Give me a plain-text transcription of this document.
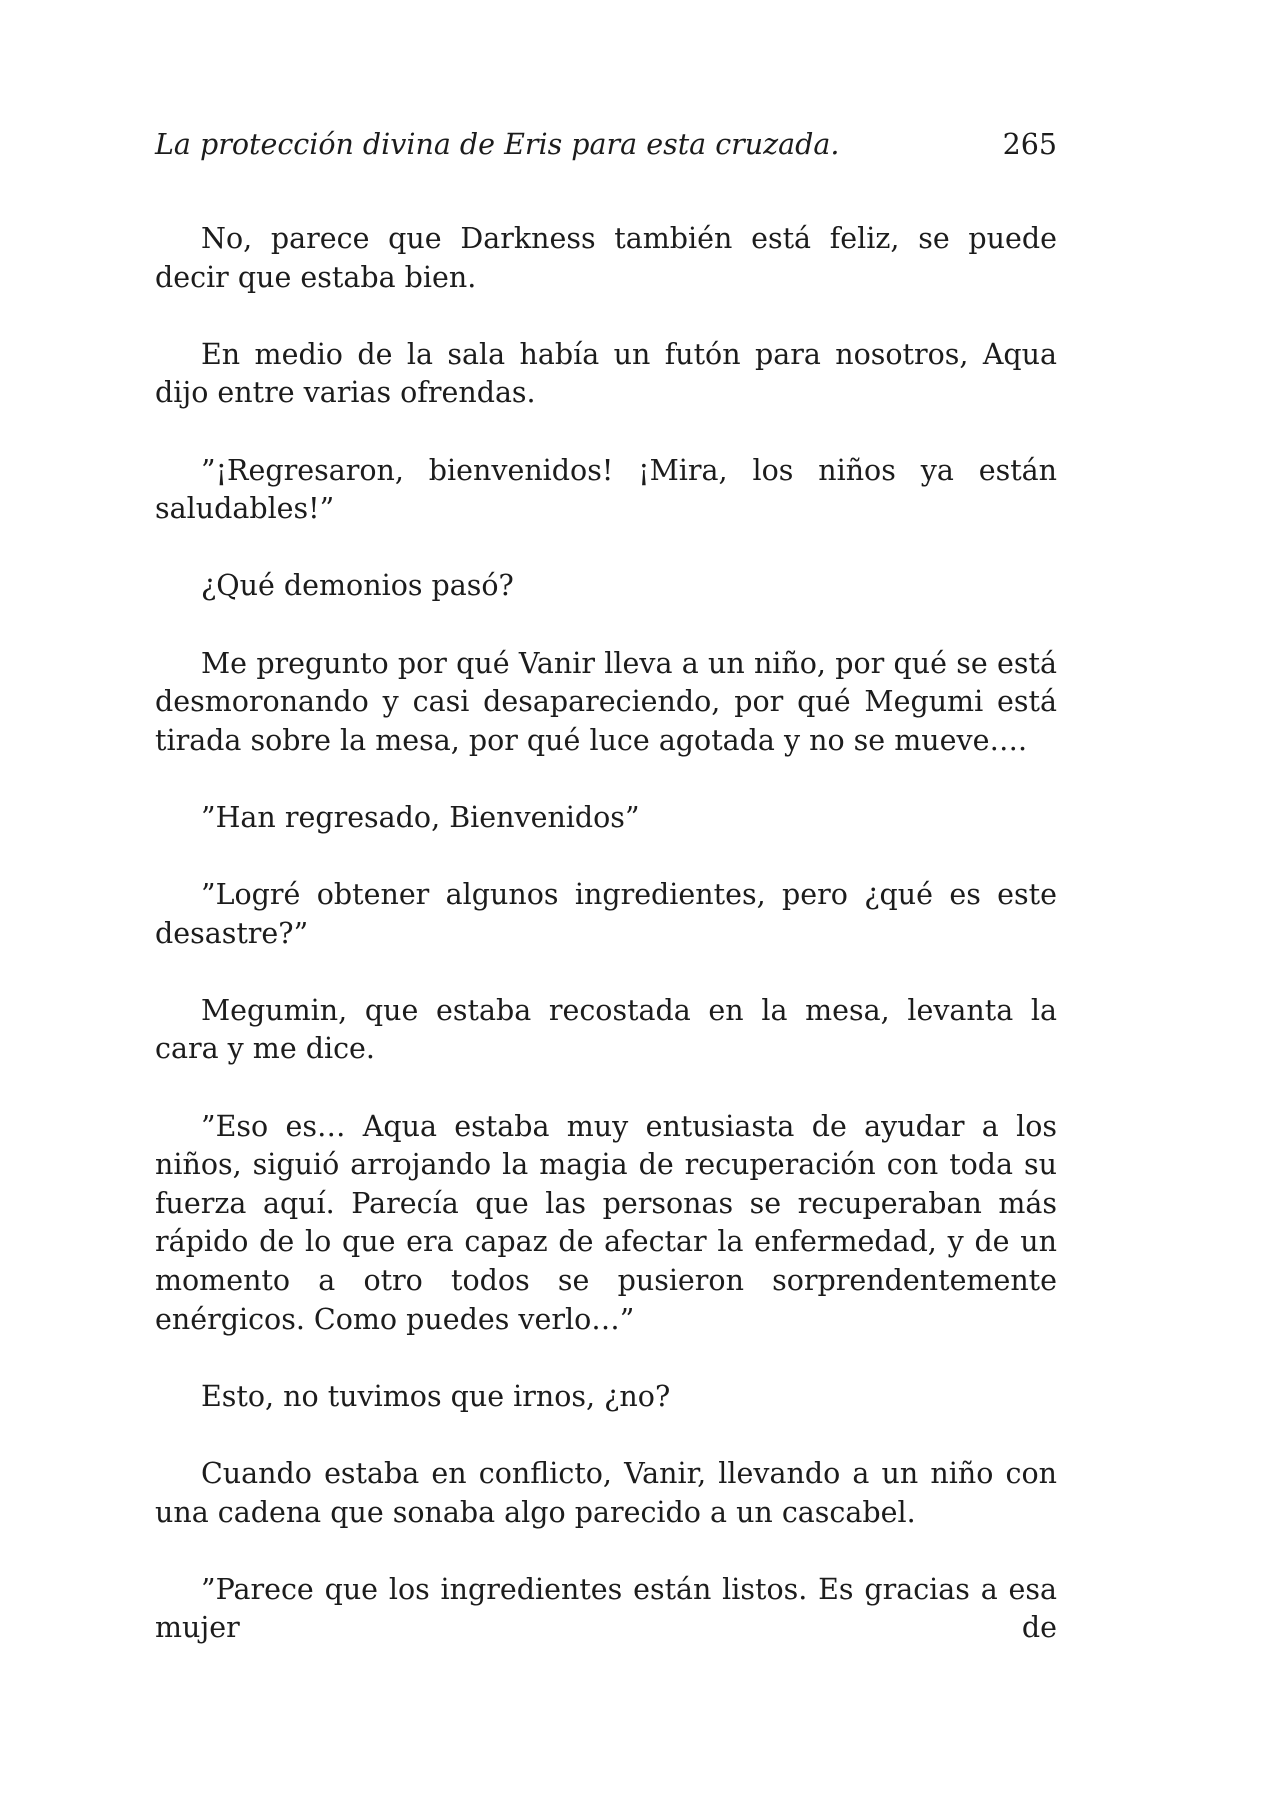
La protección divina de Eris para esta cruzada.	265

No, parece que Darkness también está feliz, se puede decir que estaba bien.

En medio de la sala había un futón para nosotros, Aqua dijo entre varias ofrendas.

”¡Regresaron, bienvenidos! ¡Mira, los niños ya están saludables!”

¿Qué demonios pasó?

Me pregunto por qué Vanir lleva a un niño, por qué se está desmoronando y casi desapareciendo, por qué Megumi está tirada sobre la mesa, por qué luce agotada y no se mueve….

”Han regresado, Bienvenidos”

”Logré obtener algunos ingredientes, pero ¿qué es este desastre?”

Megumin, que estaba recostada en la mesa, levanta la cara y me dice.

”Eso es… Aqua estaba muy entusiasta de ayudar a los niños, siguió arrojando la magia de recuperación con toda su fuerza aquí. Parecía que las personas se recuperaban más rápido de lo que era capaz de afectar la enfermedad, y de un momento a otro todos se pusieron sorprendentemente enérgicos. Como puedes verlo…”

Esto, no tuvimos que irnos, ¿no?

Cuando estaba en conflicto, Vanir, llevando a un niño con una cadena que sonaba algo parecido a un cascabel.

”Parece que los ingredientes están listos. Es gracias a esa mujer de
